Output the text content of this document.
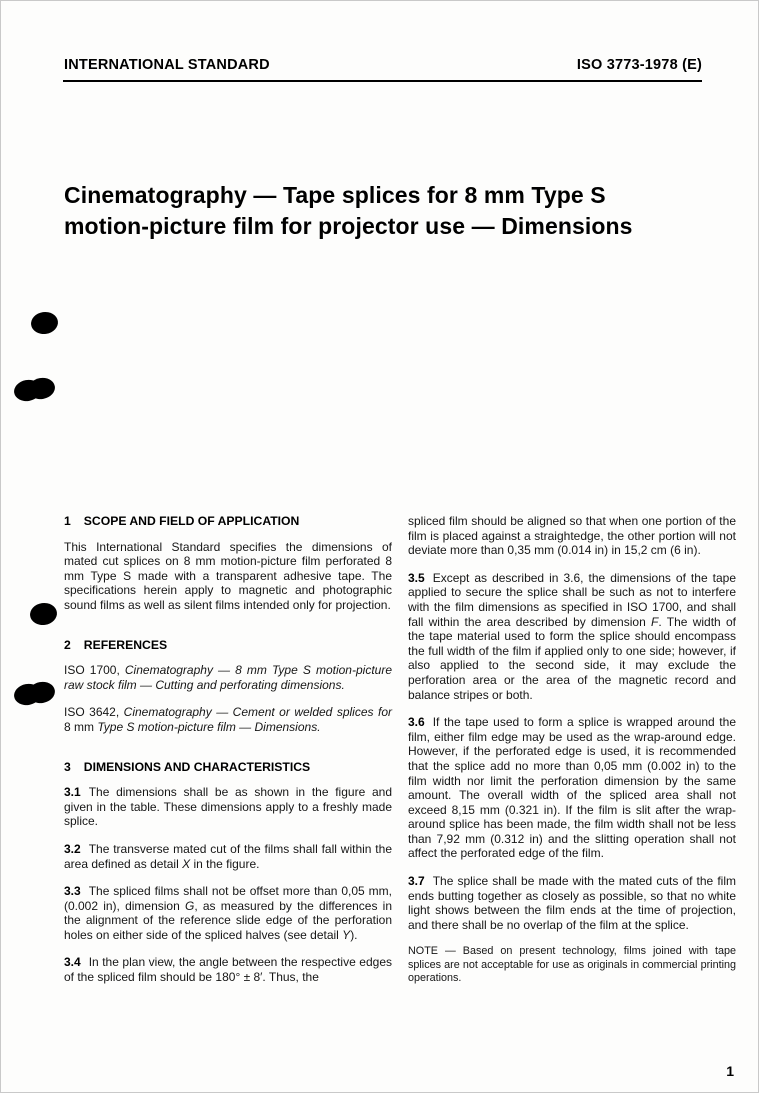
INTERNATIONAL STANDARD	ISO 3773-1978 (E)
Cinematography — Tape splices for 8 mm Type S
motion-picture film for projector use — Dimensions
1 SCOPE AND FIELD OF APPLICATION

This International Standard specifies the dimensions of mated cut splices on 8 mm motion-picture film perforated 8 mm Type S made with a transparent adhesive tape. The specifications herein apply to magnetic and photographic sound films as well as silent films intended only for projection.

2 REFERENCES

ISO 1700, Cinematography — 8 mm Type S motion-picture raw stock film — Cutting and perforating dimensions.

ISO 3642, Cinematography — Cement or welded splices for 8 mm Type S motion-picture film — Dimensions.

3 DIMENSIONS AND CHARACTERISTICS

3.1 The dimensions shall be as shown in the figure and given in the table. These dimensions apply to a freshly made splice.

3.2 The transverse mated cut of the films shall fall within the area defined as detail X in the figure.

3.3 The spliced films shall not be offset more than 0,05 mm, (0.002 in), dimension G, as measured by the differences in the alignment of the reference slide edge of the perforation holes on either side of the spliced halves (see detail Y).

3.4 In the plan view, the angle between the respective edges of the spliced film should be 180° ± 8′. Thus, the

spliced film should be aligned so that when one portion of the film is placed against a straightedge, the other portion will not deviate more than 0,35 mm (0.014 in) in 15,2 cm (6 in).

3.5 Except as described in 3.6, the dimensions of the tape applied to secure the splice shall be such as not to interfere with the film dimensions as specified in ISO 1700, and shall fall within the area described by dimension F. The width of the tape material used to form the splice should encompass the full width of the film if applied only to one side; however, if also applied to the second side, it may exclude the perforation area or the area of the magnetic record and balance stripes or both.

3.6 If the tape used to form a splice is wrapped around the film, either film edge may be used as the wrap-around edge. However, if the perforated edge is used, it is recommended that the splice add no more than 0,05 mm (0.002 in) to the film width nor limit the perforation dimension by the same amount. The overall width of the spliced area shall not exceed 8,15 mm (0.321 in). If the film is slit after the wrap-around splice has been made, the film width shall not be less than 7,92 mm (0.312 in) and the slitting operation shall not affect the perforated edge of the film.

3.7 The splice shall be made with the mated cuts of the film ends butting together as closely as possible, so that no white light shows between the film ends at the time of projection, and there shall be no overlap of the film at the splice.

NOTE — Based on present technology, films joined with tape splices are not acceptable for use as originals in commercial printing operations.

1
